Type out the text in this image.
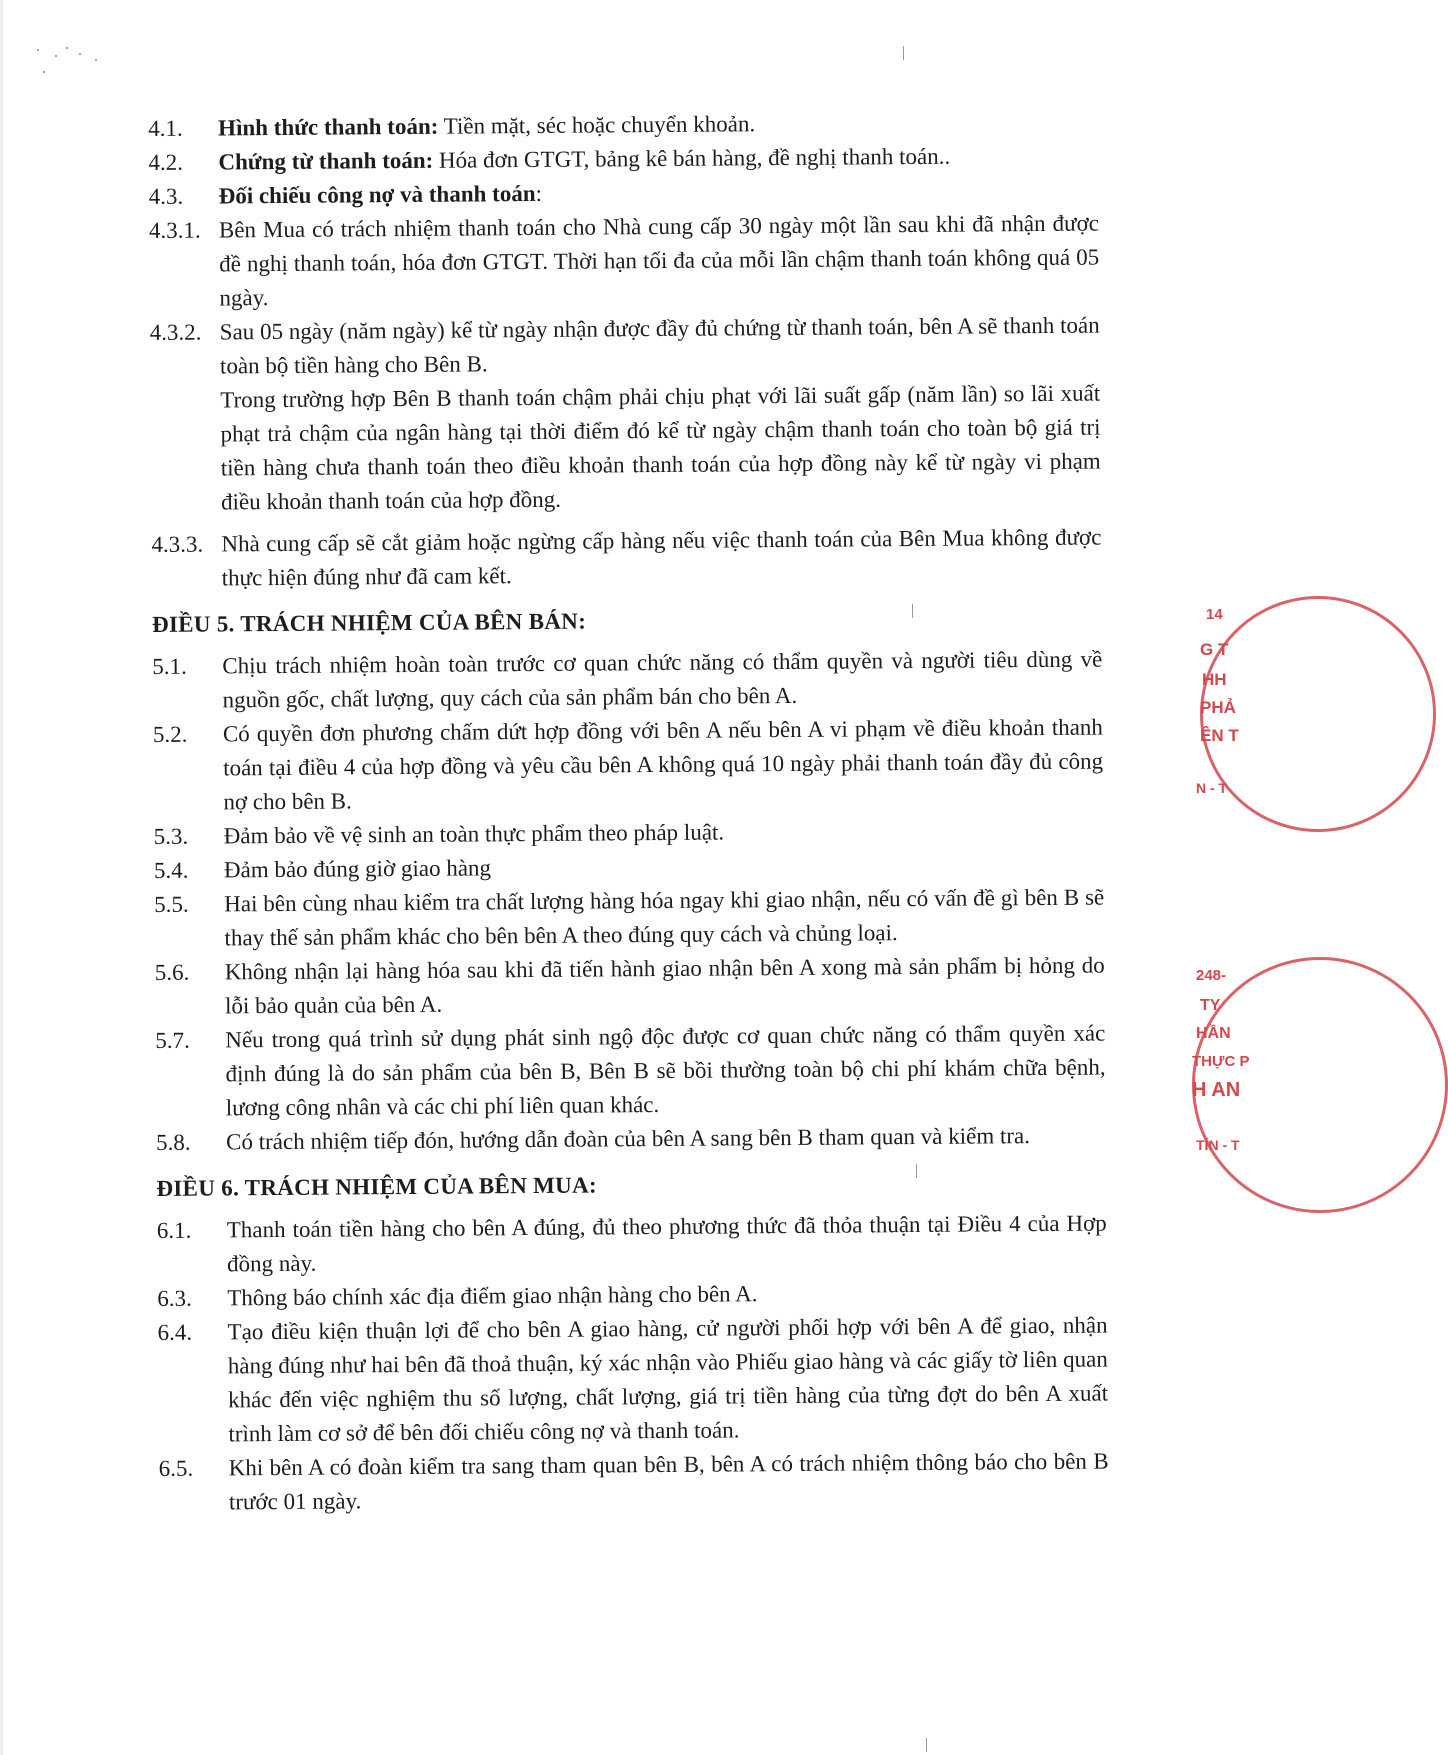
4.1.	Hình thức thanh toán: Tiền mặt, séc hoặc chuyển khoản.
4.2.	Chứng từ thanh toán: Hóa đơn GTGT, bảng kê bán hàng, đề nghị thanh toán..
4.3.	Đối chiếu công nợ và thanh toán:
4.3.1. Bên Mua có trách nhiệm thanh toán cho Nhà cung cấp 30 ngày một lần sau khi đã nhận được đề nghị thanh toán, hóa đơn GTGT. Thời hạn tối đa của mỗi lần chậm thanh toán không quá 05 ngày.
4.3.2. Sau 05 ngày (năm ngày) kể từ ngày nhận được đầy đủ chứng từ thanh toán, bên A sẽ thanh toán toàn bộ tiền hàng cho Bên B.
Trong trường hợp Bên B thanh toán chậm phải chịu phạt với lãi suất gấp (năm lần) so lãi xuất phạt trả chậm của ngân hàng tại thời điểm đó kể từ ngày chậm thanh toán cho toàn bộ giá trị tiền hàng chưa thanh toán theo điều khoản thanh toán của hợp đồng này kể từ ngày vi phạm điều khoản thanh toán của hợp đồng.
4.3.3. Nhà cung cấp sẽ cắt giảm hoặc ngừng cấp hàng nếu việc thanh toán của Bên Mua không được thực hiện đúng như đã cam kết.
ĐIỀU 5. TRÁCH NHIỆM CỦA BÊN BÁN:
5.1.	Chịu trách nhiệm hoàn toàn trước cơ quan chức năng có thẩm quyền và người tiêu dùng về nguồn gốc, chất lượng, quy cách của sản phẩm bán cho bên A.
5.2.	Có quyền đơn phương chấm dứt hợp đồng với bên A nếu bên A vi phạm về điều khoản thanh toán tại điều 4 của hợp đồng và yêu cầu bên A không quá 10 ngày phải thanh toán đầy đủ công nợ cho bên B.
5.3.	Đảm bảo về vệ sinh an toàn thực phẩm theo pháp luật.
5.4.	Đảm bảo đúng giờ giao hàng
5.5.	Hai bên cùng nhau kiểm tra chất lượng hàng hóa ngay khi giao nhận, nếu có vấn đề gì bên B sẽ thay thế sản phẩm khác cho bên bên A theo đúng quy cách và chủng loại.
5.6.	Không nhận lại hàng hóa sau khi đã tiến hành giao nhận bên A xong mà sản phẩm bị hỏng do lỗi bảo quản của bên A.
5.7.	Nếu trong quá trình sử dụng phát sinh ngộ độc được cơ quan chức năng có thẩm quyền xác định đúng là do sản phẩm của bên B, Bên B sẽ bồi thường toàn bộ chi phí khám chữa bệnh, lương công nhân và các chi phí liên quan khác.
5.8.	Có trách nhiệm tiếp đón, hướng dẫn đoàn của bên A sang bên B tham quan và kiểm tra.
ĐIỀU 6. TRÁCH NHIỆM CỦA BÊN MUA:
6.1.	Thanh toán tiền hàng cho bên A đúng, đủ theo phương thức đã thỏa thuận tại Điều 4 của Hợp đồng này.
6.3.	Thông báo chính xác địa điểm giao nhận hàng cho bên A.
6.4.	Tạo điều kiện thuận lợi để cho bên A giao hàng, cử người phối hợp với bên A để giao, nhận hàng đúng như hai bên đã thoả thuận, ký xác nhận vào Phiếu giao hàng và các giấy tờ liên quan khác đến việc nghiệm thu số lượng, chất lượng, giá trị tiền hàng của từng đợt do bên A xuất trình làm cơ sở để bên đối chiếu công nợ và thanh toán.
6.5.	Khi bên A có đoàn kiểm tra sang tham quan bên B, bên A có trách nhiệm thông báo cho bên B trước 01 ngày.
14
G T
HH
PHẢ
ÊN T
N - T
248-
TY
HẦN
THỰC P
H AN
TÍN - T
